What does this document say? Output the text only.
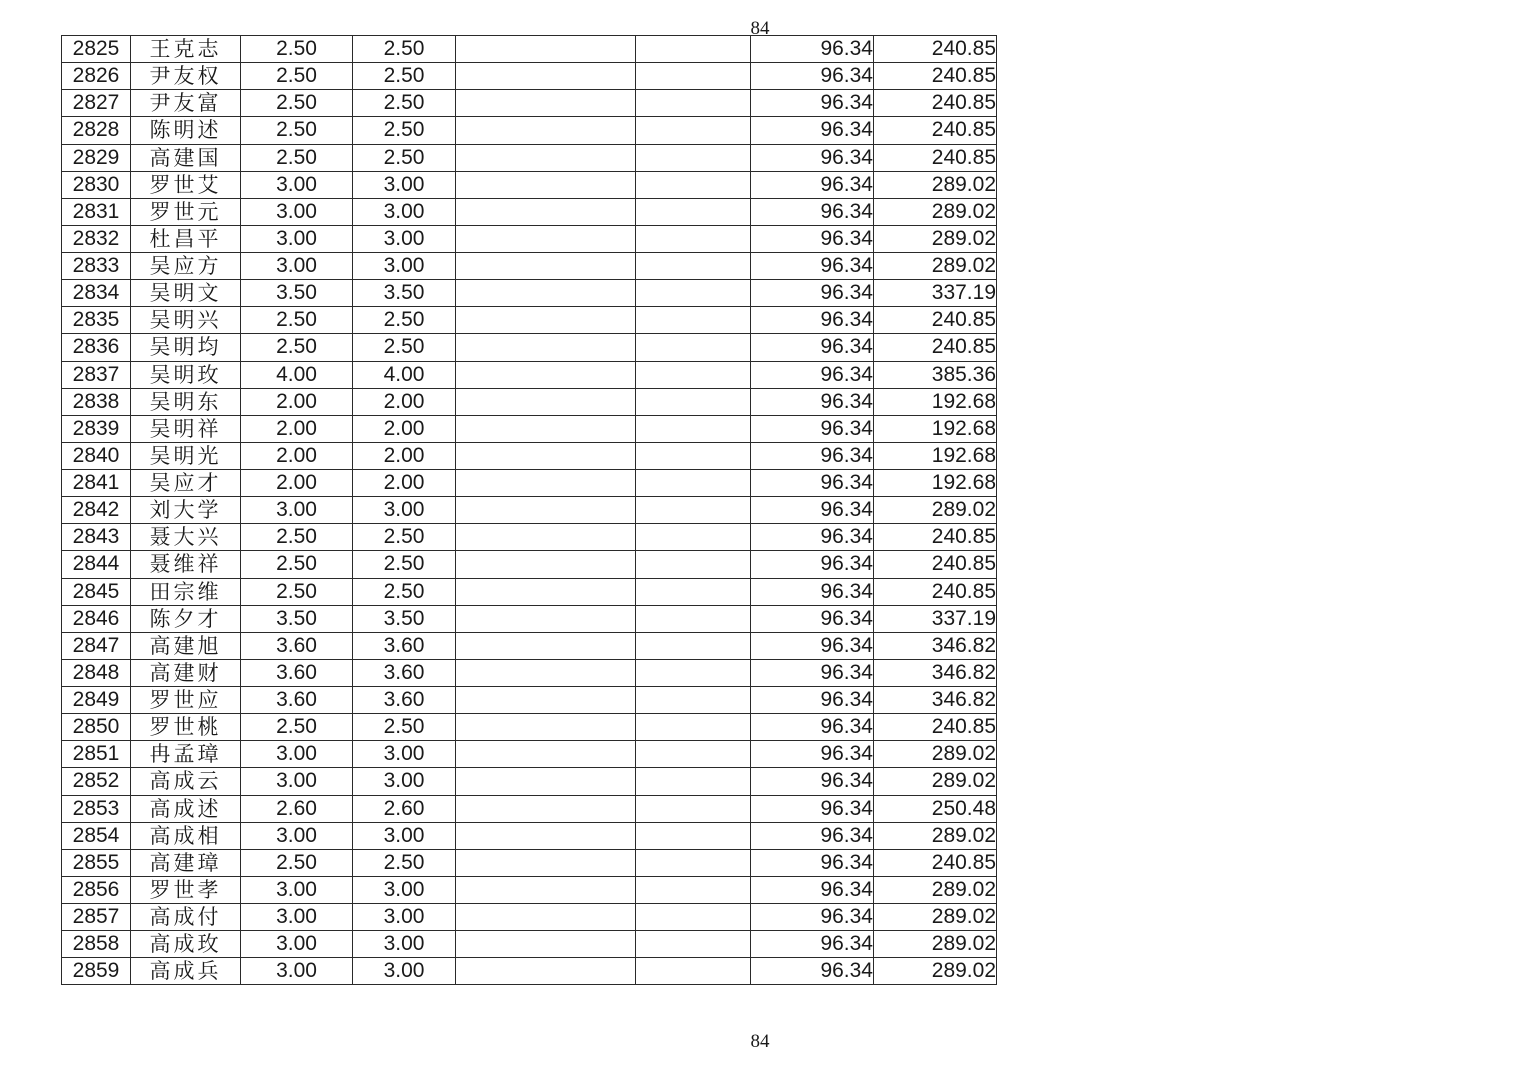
84
2825	王克志	2.50	2.50			96.34	240.85
2826	尹友权	2.50	2.50			96.34	240.85
2827	尹友富	2.50	2.50			96.34	240.85
2828	陈明述	2.50	2.50			96.34	240.85
2829	高建国	2.50	2.50			96.34	240.85
2830	罗世艾	3.00	3.00			96.34	289.02
2831	罗世元	3.00	3.00			96.34	289.02
2832	杜昌平	3.00	3.00			96.34	289.02
2833	吴应方	3.00	3.00			96.34	289.02
2834	吴明文	3.50	3.50			96.34	337.19
2835	吴明兴	2.50	2.50			96.34	240.85
2836	吴明均	2.50	2.50			96.34	240.85
2837	吴明玫	4.00	4.00			96.34	385.36
2838	吴明东	2.00	2.00			96.34	192.68
2839	吴明祥	2.00	2.00			96.34	192.68
2840	吴明光	2.00	2.00			96.34	192.68
2841	吴应才	2.00	2.00			96.34	192.68
2842	刘大学	3.00	3.00			96.34	289.02
2843	聂大兴	2.50	2.50			96.34	240.85
2844	聂维祥	2.50	2.50			96.34	240.85
2845	田宗维	2.50	2.50			96.34	240.85
2846	陈夕才	3.50	3.50			96.34	337.19
2847	高建旭	3.60	3.60			96.34	346.82
2848	高建财	3.60	3.60			96.34	346.82
2849	罗世应	3.60	3.60			96.34	346.82
2850	罗世桃	2.50	2.50			96.34	240.85
2851	冉孟璋	3.00	3.00			96.34	289.02
2852	高成云	3.00	3.00			96.34	289.02
2853	高成述	2.60	2.60			96.34	250.48
2854	高成相	3.00	3.00			96.34	289.02
2855	高建璋	2.50	2.50			96.34	240.85
2856	罗世孝	3.00	3.00			96.34	289.02
2857	高成付	3.00	3.00			96.34	289.02
2858	高成玫	3.00	3.00			96.34	289.02
2859	高成兵	3.00	3.00			96.34	289.02
84
